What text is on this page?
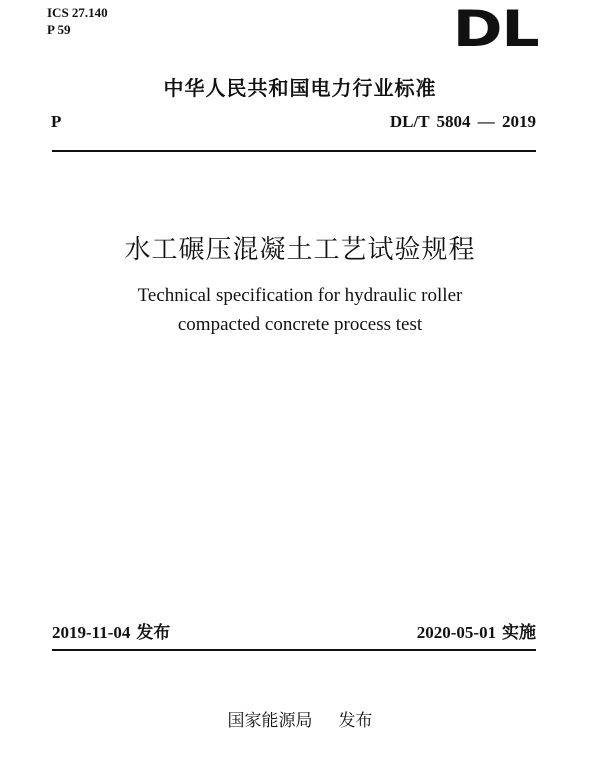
ICS 27.140
P 59	DL
中华人民共和国电力行业标准
P	DL/T 5804 — 2019
水工碾压混凝土工艺试验规程
Technical specification for hydraulic roller
compacted concrete process test
2019-11-04 发布	2020-05-01 实施
国家能源局 发布
